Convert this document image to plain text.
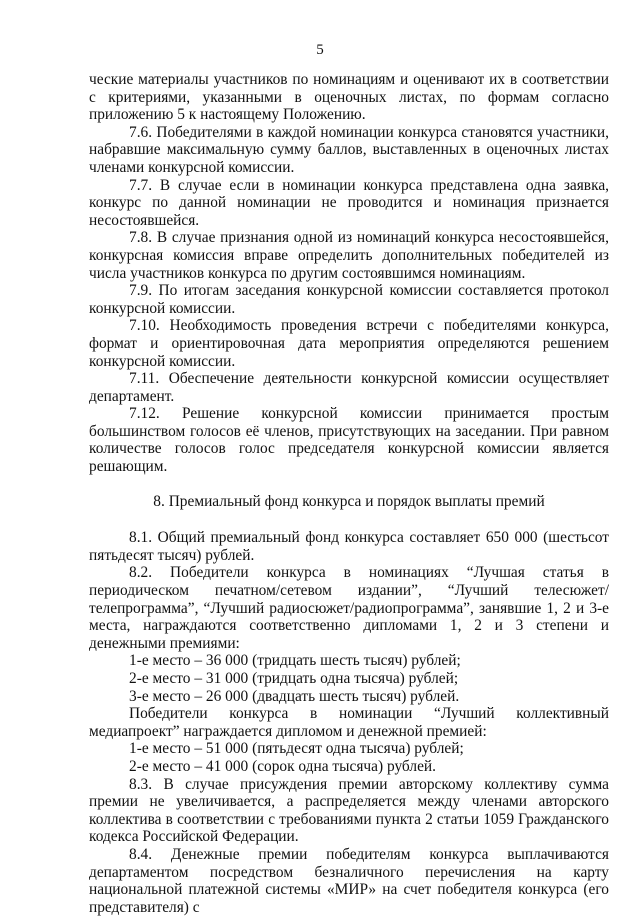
5

ческие материалы участников по номинациям и оценивают их в соответствии с критериями, указанными в оценочных листах, по формам согласно приложению 5 к настоящему Положению.

7.6. Победителями в каждой номинации конкурса становятся участники, набравшие максимальную сумму баллов, выставленных в оценочных листах членами конкурсной комиссии.

7.7. В случае если в номинации конкурса представлена одна заявка, конкурс по данной номинации не проводится и номинация признается несостоявшейся.

7.8. В случае признания одной из номинаций конкурса несостоявшейся, конкурсная комиссия вправе определить дополнительных победителей из числа участников конкурса по другим состоявшимся номинациям.

7.9. По итогам заседания конкурсной комиссии составляется протокол конкурсной комиссии.

7.10. Необходимость проведения встречи с победителями конкурса, формат и ориентировочная дата мероприятия определяются решением конкурсной комиссии.

7.11. Обеспечение деятельности конкурсной комиссии осуществляет департамент.

7.12. Решение конкурсной комиссии принимается простым большинством голосов её членов, присутствующих на заседании. При равном количестве голосов голос председателя конкурсной комиссии является решающим.

8. Премиальный фонд конкурса и порядок выплаты премий

8.1. Общий премиальный фонд конкурса составляет 650 000 (шестьсот пятьдесят тысяч) рублей.

8.2. Победители конкурса в номинациях “Лучшая статья в периодическом печатном/сетевом издании”, “Лучший телесюжет/телепрограмма”, “Лучший радиосюжет/радиопрограмма”, занявшие 1, 2 и 3-е места, награждаются соответственно дипломами 1, 2 и 3 степени и денежными премиями:

1-е место – 36 000 (тридцать шесть тысяч) рублей;

2-е место – 31 000 (тридцать одна тысяча) рублей;

3-е место – 26 000 (двадцать шесть тысяч) рублей.

Победители конкурса в номинации “Лучший коллективный медиапроект” награждается дипломом и денежной премией:

1-е место – 51 000 (пятьдесят одна тысяча) рублей;

2-е место – 41 000 (сорок одна тысяча) рублей.

8.3. В случае присуждения премии авторскому коллективу сумма премии не увеличивается, а распределяется между членами авторского коллектива в соответствии с требованиями пункта 2 статьи 1059 Гражданского кодекса Российской Федерации.

8.4. Денежные премии победителям конкурса выплачиваются департаментом посредством безналичного перечисления на карту национальной платежной системы «МИР» на счет победителя конкурса (его представителя) с
